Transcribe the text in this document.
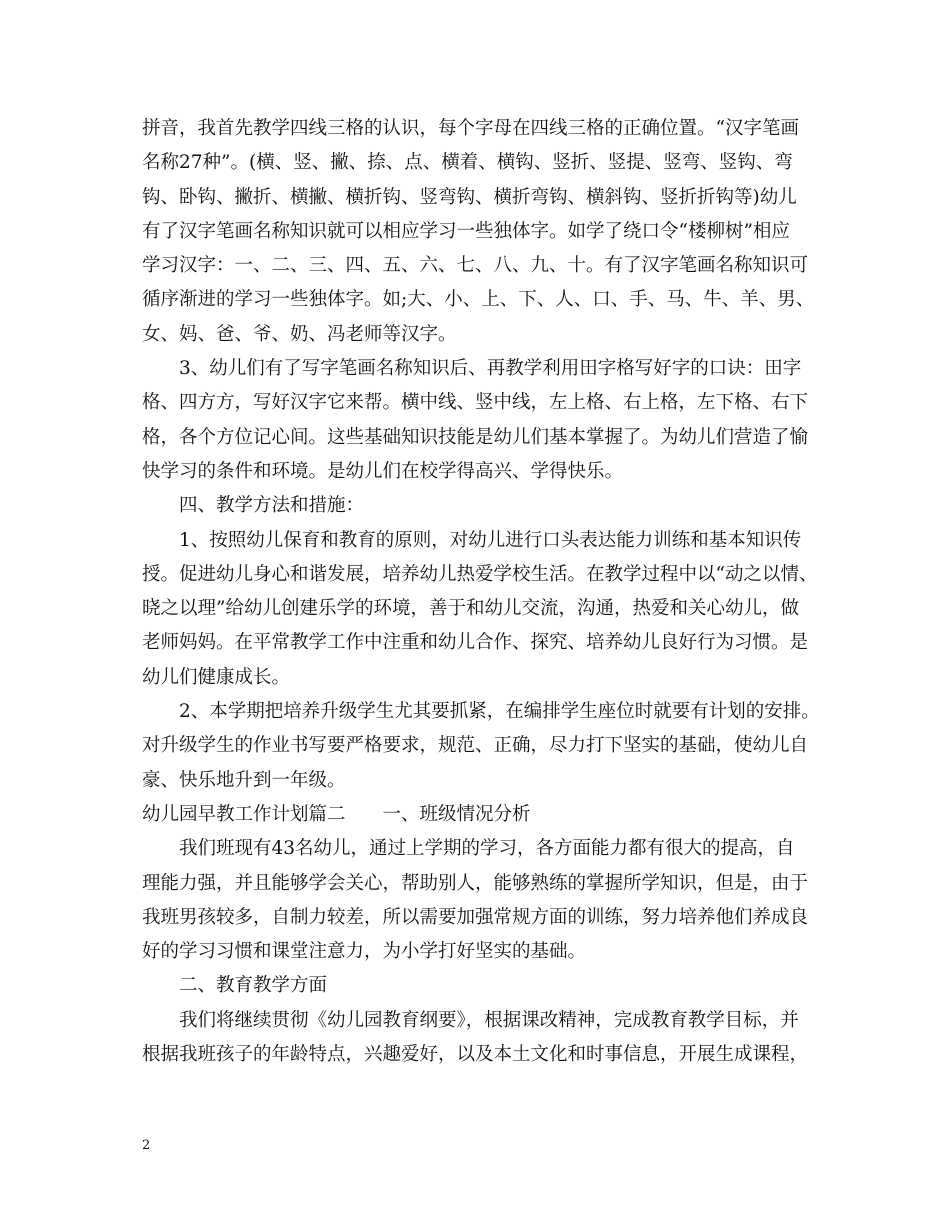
拼音，我首先教学四线三格的认识，每个字母在四线三格的正确位置。“汉字笔画
名称27种”。(横、竖、撇、捺、点、横着、横钩、竖折、竖提、竖弯、竖钩、弯
钩、卧钩、撇折、横撇、横折钩、竖弯钩、横折弯钩、横斜钩、竖折折钩等)幼儿
有了汉字笔画名称知识就可以相应学习一些独体字。如学了绕口令“楼柳树”相应
学习汉字：一、二、三、四、五、六、七、八、九、十。有了汉字笔画名称知识可
循序渐进的学习一些独体字。如;大、小、上、下、人、口、手、马、牛、羊、男、
女、妈、爸、爷、奶、冯老师等汉字。
3、幼儿们有了写字笔画名称知识后、再教学利用田字格写好字的口诀：田字
格、四方方，写好汉字它来帮。横中线、竖中线，左上格、右上格，左下格、右下
格，各个方位记心间。这些基础知识技能是幼儿们基本掌握了。为幼儿们营造了愉
快学习的条件和环境。是幼儿们在校学得高兴、学得快乐。
四、教学方法和措施：
1、按照幼儿保育和教育的原则，对幼儿进行口头表达能力训练和基本知识传
授。促进幼儿身心和谐发展，培养幼儿热爱学校生活。在教学过程中以“动之以情、
晓之以理”给幼儿创建乐学的环境，善于和幼儿交流，沟通，热爱和关心幼儿，做
老师妈妈。在平常教学工作中注重和幼儿合作、探究、培养幼儿良好行为习惯。是
幼儿们健康成长。
2、本学期把培养升级学生尤其要抓紧，在编排学生座位时就要有计划的安排。
对升级学生的作业书写要严格要求，规范、正确，尽力打下坚实的基础，使幼儿自
豪、快乐地升到一年级。
幼儿园早教工作计划篇二　　一、班级情况分析
我们班现有43名幼儿，通过上学期的学习，各方面能力都有很大的提高，自
理能力强，并且能够学会关心，帮助别人，能够熟练的掌握所学知识，但是，由于
我班男孩较多，自制力较差，所以需要加强常规方面的训练，努力培养他们养成良
好的学习习惯和课堂注意力，为小学打好坚实的基础。
二、教育教学方面
我们将继续贯彻《幼儿园教育纲要》，根据课改精神，完成教育教学目标，并
根据我班孩子的年龄特点，兴趣爱好，以及本土文化和时事信息，开展生成课程，
2
